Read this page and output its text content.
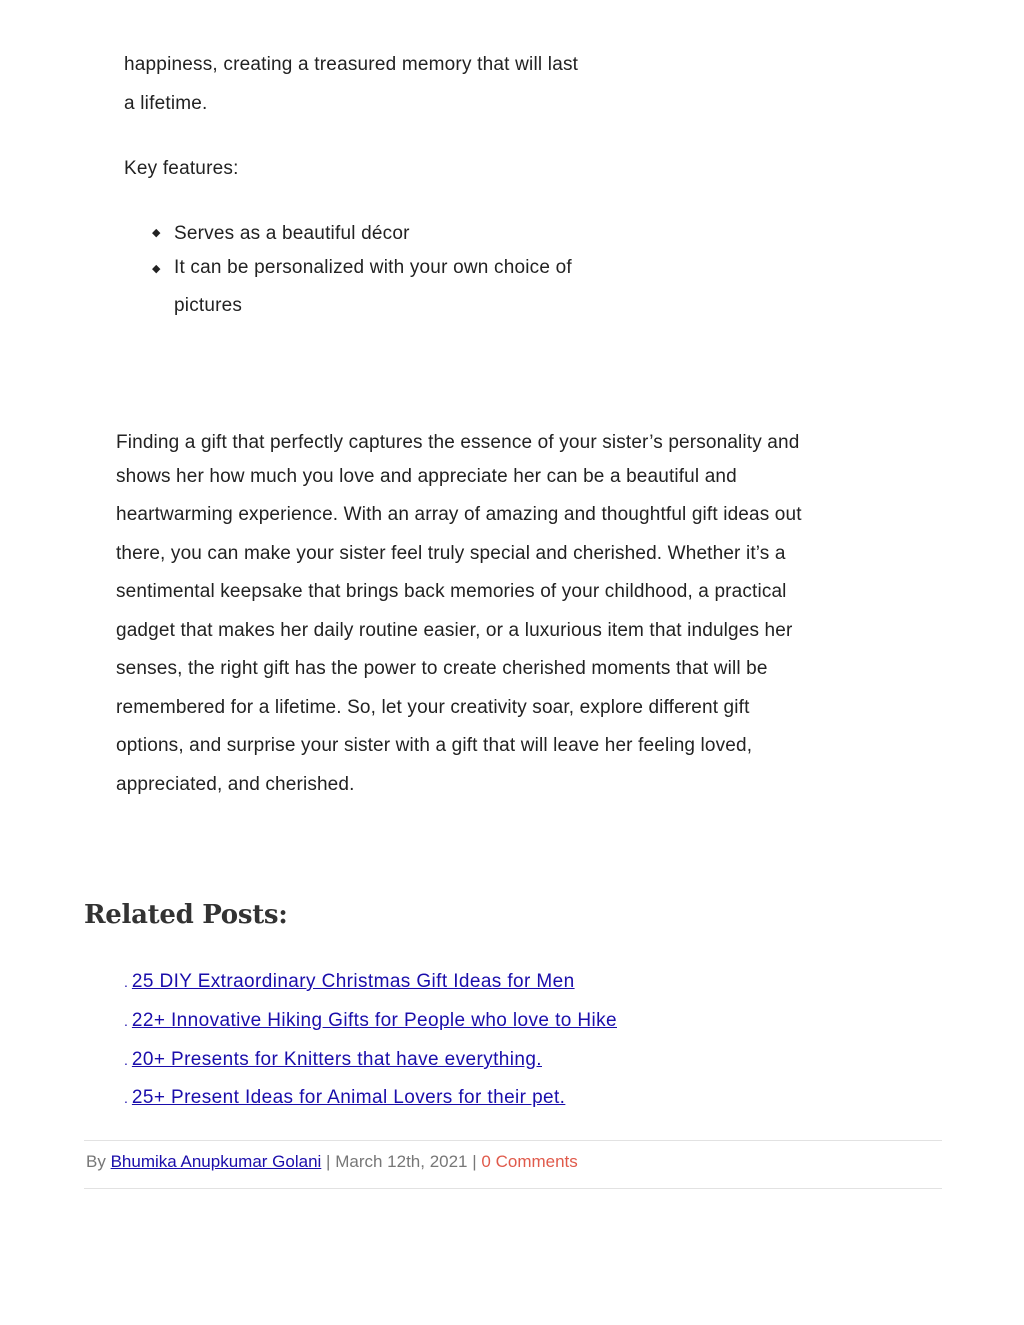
happiness, creating a treasured memory that will last
a lifetime.
Key features:
◆ Serves as a beautiful décor
◆ It can be personalized with your own choice of
pictures
Finding a gift that perfectly captures the essence of your sister’s personality and
shows her how much you love and appreciate her can be a beautiful and
heartwarming experience. With an array of amazing and thoughtful gift ideas out
there, you can make your sister feel truly special and cherished. Whether it’s a
sentimental keepsake that brings back memories of your childhood, a practical
gadget that makes her daily routine easier, or a luxurious item that indulges her
senses, the right gift has the power to create cherished moments that will be
remembered for a lifetime. So, let your creativity soar, explore different gift
options, and surprise your sister with a gift that will leave her feeling loved,
appreciated, and cherished.
Related Posts:
. 25 DIY Extraordinary Christmas Gift Ideas for Men
. 22+ Innovative Hiking Gifts for People who love to Hike
. 20+ Presents for Knitters that have everything.
. 25+ Present Ideas for Animal Lovers for their pet.
By Bhumika Anupkumar Golani | March 12th, 2021 | 0 Comments
